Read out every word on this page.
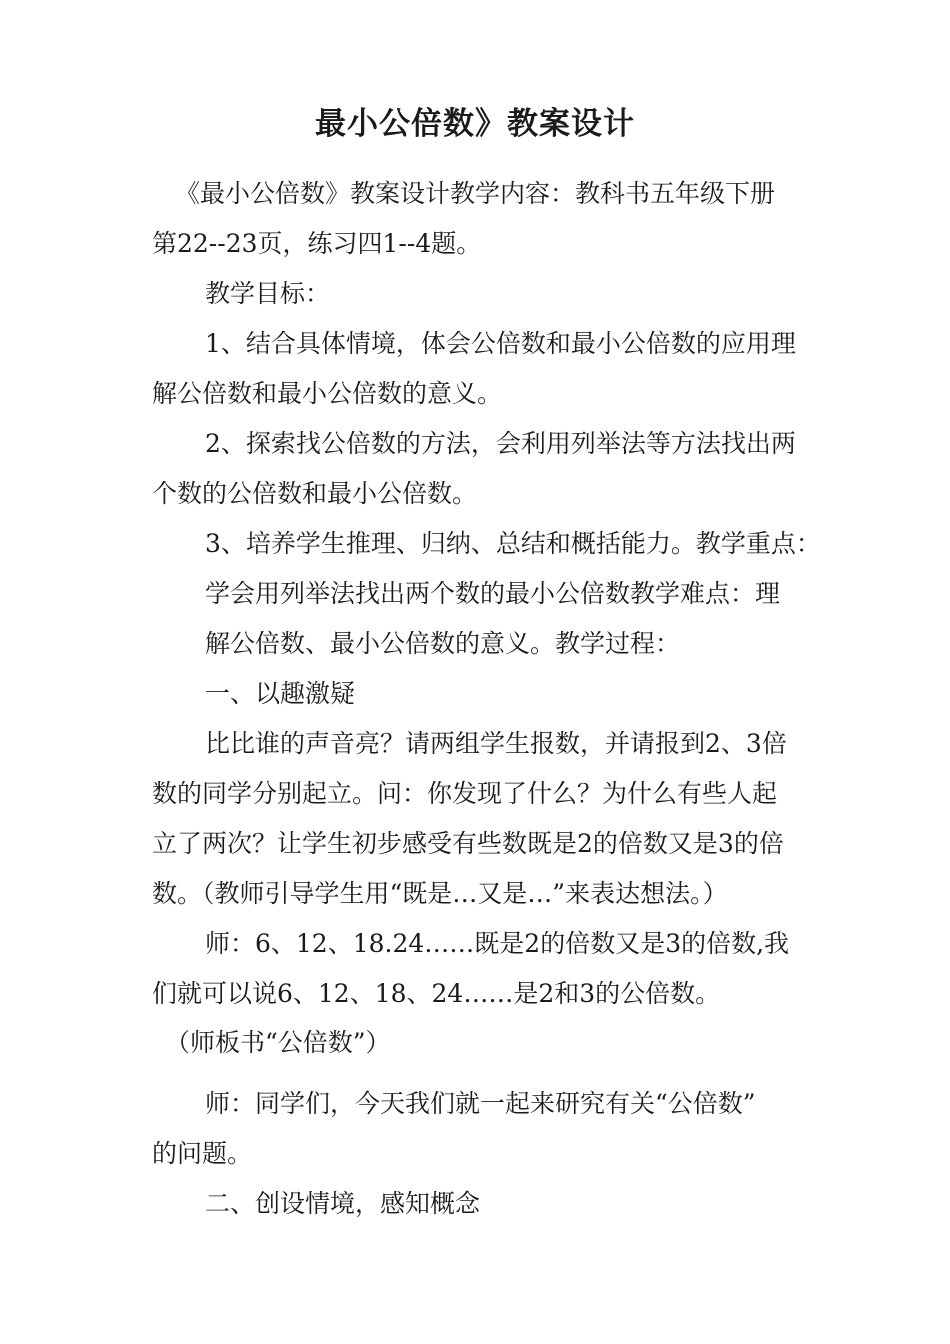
最小公倍数》教案设计

《最小公倍数》教案设计教学内容：教科书五年级下册

第22--23页，练习四1--4题。

教学目标：

1、结合具体情境，体会公倍数和最小公倍数的应用理

解公倍数和最小公倍数的意义。

2、探索找公倍数的方法，会利用列举法等方法找出两

个数的公倍数和最小公倍数。

3、培养学生推理、归纳、总结和概括能力。教学重点：

学会用列举法找出两个数的最小公倍数教学难点：理

解公倍数、最小公倍数的意义。教学过程：

一、以趣激疑

比比谁的声音亮？请两组学生报数，并请报到2、3倍

数的同学分别起立。问：你发现了什么？为什么有些人起

立了两次？让学生初步感受有些数既是2的倍数又是3的倍

数。（教师引导学生用“既是…又是…”来表达想法。）

师：6、12、18.24……既是2的倍数又是3的倍数,我

们就可以说6、12、18、24……是2和3的公倍数。

（师板书“公倍数”）

师：同学们，今天我们就一起来研究有关“公倍数”

的问题。

二、创设情境，感知概念
